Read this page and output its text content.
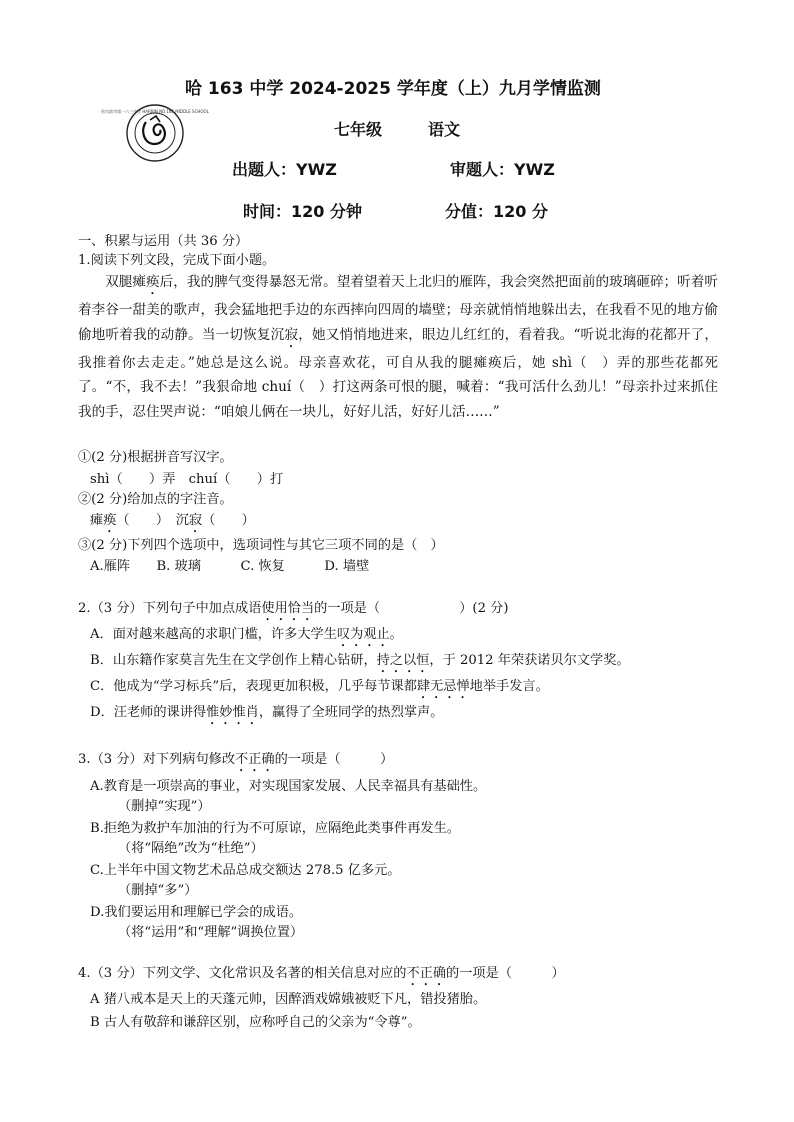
哈尔滨市第一六三中学 HARBIN NO.163 MIDDLE SCHOOL
哈 163 中学 2024-2025 学年度（上）九月学情监测
七年级	语文
出题人：YWZ	审题人：YWZ
时间：120 分钟	分值：120 分
一、积累与运用（共 36 分）
1.阅读下列文段，完成下面小题。
双腿瘫痪后，我的脾气变得暴怒无常。望着望着天上北归的雁阵，我会突然把面前的玻璃砸碎；听着听着李谷一甜美的歌声，我会猛地把手边的东西摔向四周的墙壁；母亲就悄悄地躲出去，在我看不见的地方偷偷地听着我的动静。当一切恢复沉寂，她又悄悄地进来，眼边儿红红的，看着我。“听说北海的花都开了，我推着你去走走。”她总是这么说。母亲喜欢花，可自从我的腿瘫痪后，她 shì（　）弄的那些花都死了。“不，我不去！”我狠命地 chuí（　）打这两条可恨的腿，喊着：“我可活什么劲儿！”母亲扑过来抓住我的手，忍住哭声说：“咱娘儿俩在一块儿，好好儿活，好好儿活……”
①(2 分)根据拼音写汉字。
shì（　　）弄　chuí（　　）打
②(2 分)给加点的字注音。
瘫痪（　　）　沉寂（　　）
③(2 分)下列四个选项中，选项词性与其它三项不同的是（　）
A.雁阵　　B. 玻璃　　　C. 恢复　　　D. 墙壁
2.（3 分）下列句子中加点成语使用恰当的一项是（　　　　　　）(2 分)
A．面对越来越高的求职门槛，许多大学生叹为观止。
B．山东籍作家莫言先生在文学创作上精心钻研，持之以恒，于 2012 年荣获诺贝尔文学奖。
C．他成为“学习标兵”后，表现更加积极，几乎每节课都肆无忌惮地举手发言。
D．汪老师的课讲得惟妙惟肖，赢得了全班同学的热烈掌声。
3.（3 分）对下列病句修改不正确的一项是（　　　）
A.教育是一项崇高的事业，对实现国家发展、人民幸福具有基础性。
（删掉“实现”）
B.拒绝为救护车加油的行为不可原谅，应隔绝此类事件再发生。
（将“隔绝”改为“杜绝”）
C.上半年中国文物艺术品总成交额达 278.5 亿多元。
（删掉“多”）
D.我们要运用和理解已学会的成语。
（将“运用”和“理解”调换位置）
4.（3 分）下列文学、文化常识及名著的相关信息对应的不正确的一项是（　　　）
A 猪八戒本是天上的天蓬元帅，因醉酒戏嫦娥被贬下凡，错投猪胎。
B 古人有敬辞和谦辞区别，应称呼自己的父亲为“令尊”。
